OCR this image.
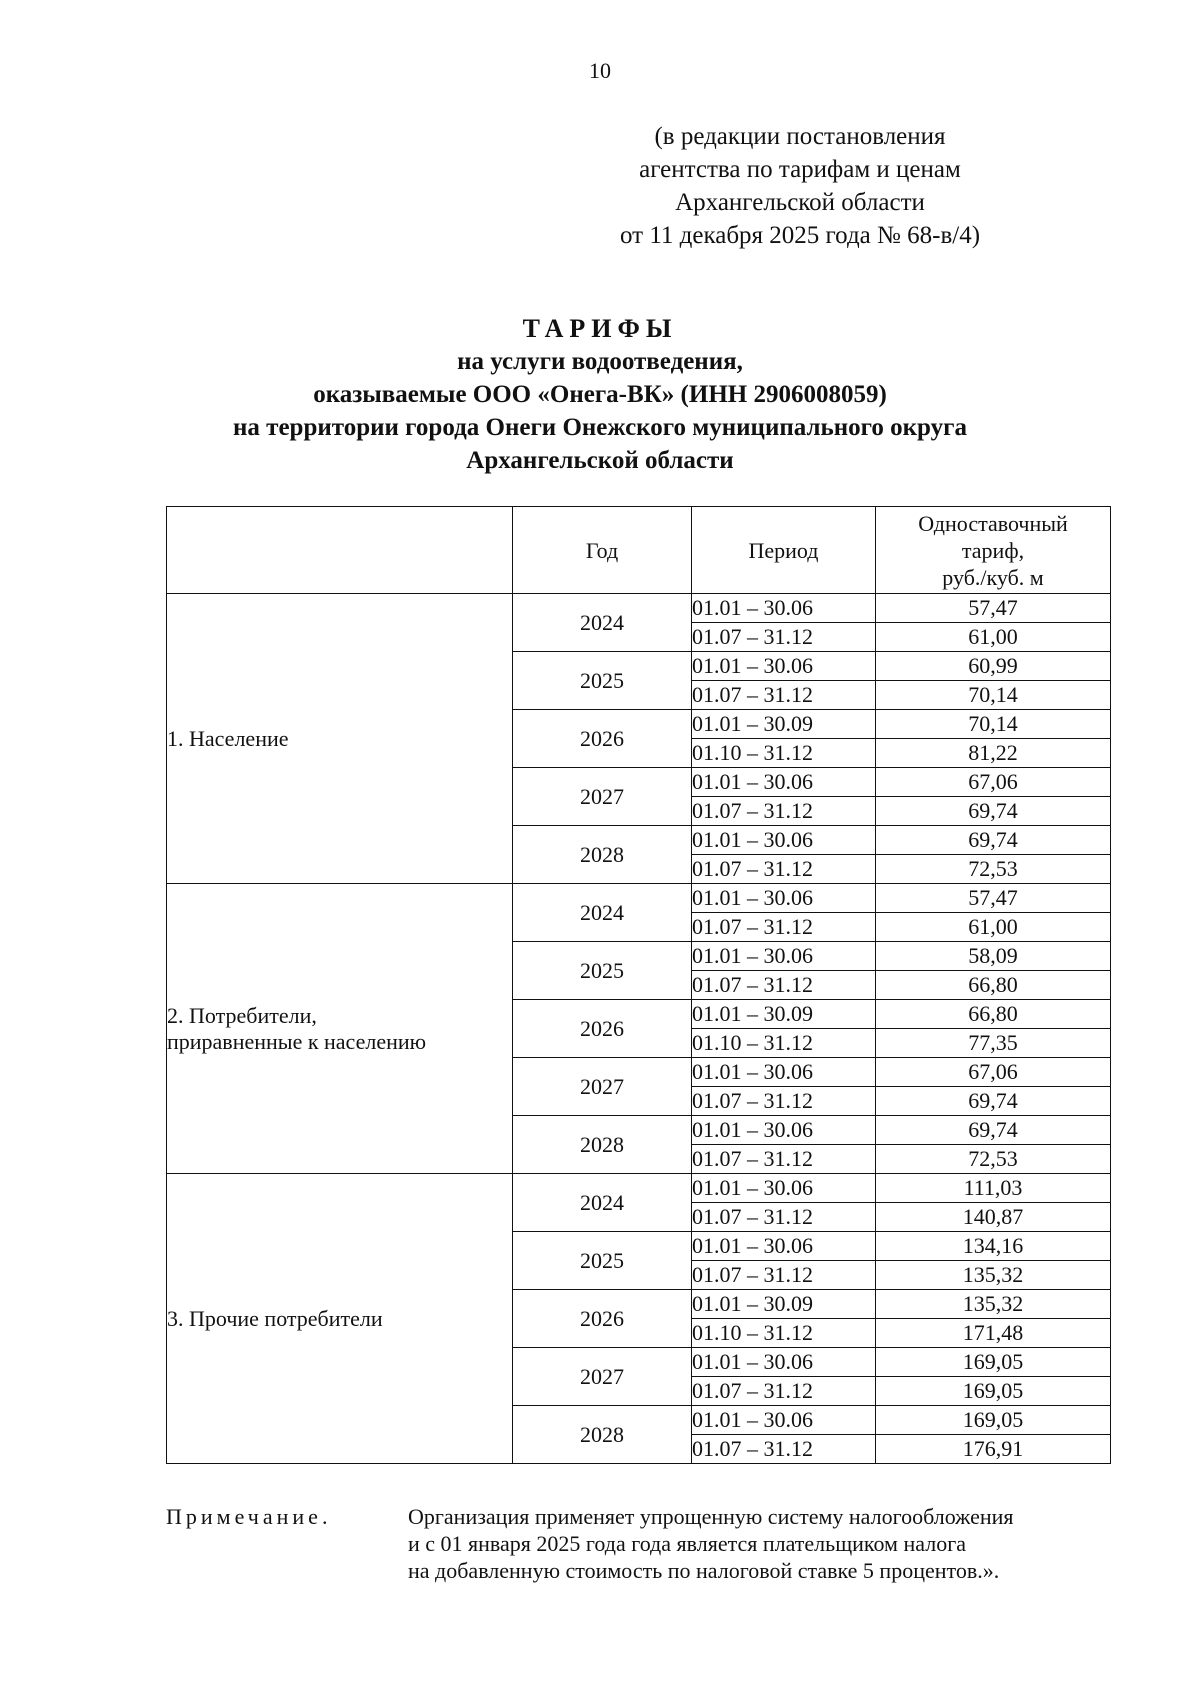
10
(в редакции постановления
агентства по тарифам и ценам
Архангельской области
от 11 декабря 2025 года № 68-в/4)
ТАРИФЫ
на услуги водоотведения,
оказываемые ООО «Онега-ВК» (ИНН 2906008059)
на территории города Онеги Онежского муниципального округа
Архангельской области
	Год	Период	Одноставочный
тариф,
руб./куб. м

1. Население	2024	01.01 – 30.06	57,47
		01.07 – 31.12	61,00
	2025	01.01 – 30.06	60,99
		01.07 – 31.12	70,14
	2026	01.01 – 30.09	70,14
		01.10 – 31.12	81,22
	2027	01.01 – 30.06	67,06
		01.07 – 31.12	69,74
	2028	01.01 – 30.06	69,74
		01.07 – 31.12	72,53

2. Потребители,
приравненные к населению	2024	01.01 – 30.06	57,47
		01.07 – 31.12	61,00
	2025	01.01 – 30.06	58,09
		01.07 – 31.12	66,80
	2026	01.01 – 30.09	66,80
		01.10 – 31.12	77,35
	2027	01.01 – 30.06	67,06
		01.07 – 31.12	69,74
	2028	01.01 – 30.06	69,74
		01.07 – 31.12	72,53

3. Прочие потребители	2024	01.01 – 30.06	111,03
		01.07 – 31.12	140,87
	2025	01.01 – 30.06	134,16
		01.07 – 31.12	135,32
	2026	01.01 – 30.09	135,32
		01.10 – 31.12	171,48
	2027	01.01 – 30.06	169,05
		01.07 – 31.12	169,05
	2028	01.01 – 30.06	169,05
		01.07 – 31.12	176,91
Примечание.	Организация применяет упрощенную систему налогообложения
и с 01 января 2025 года года является плательщиком налога
на добавленную стоимость по налоговой ставке 5 процентов.».
